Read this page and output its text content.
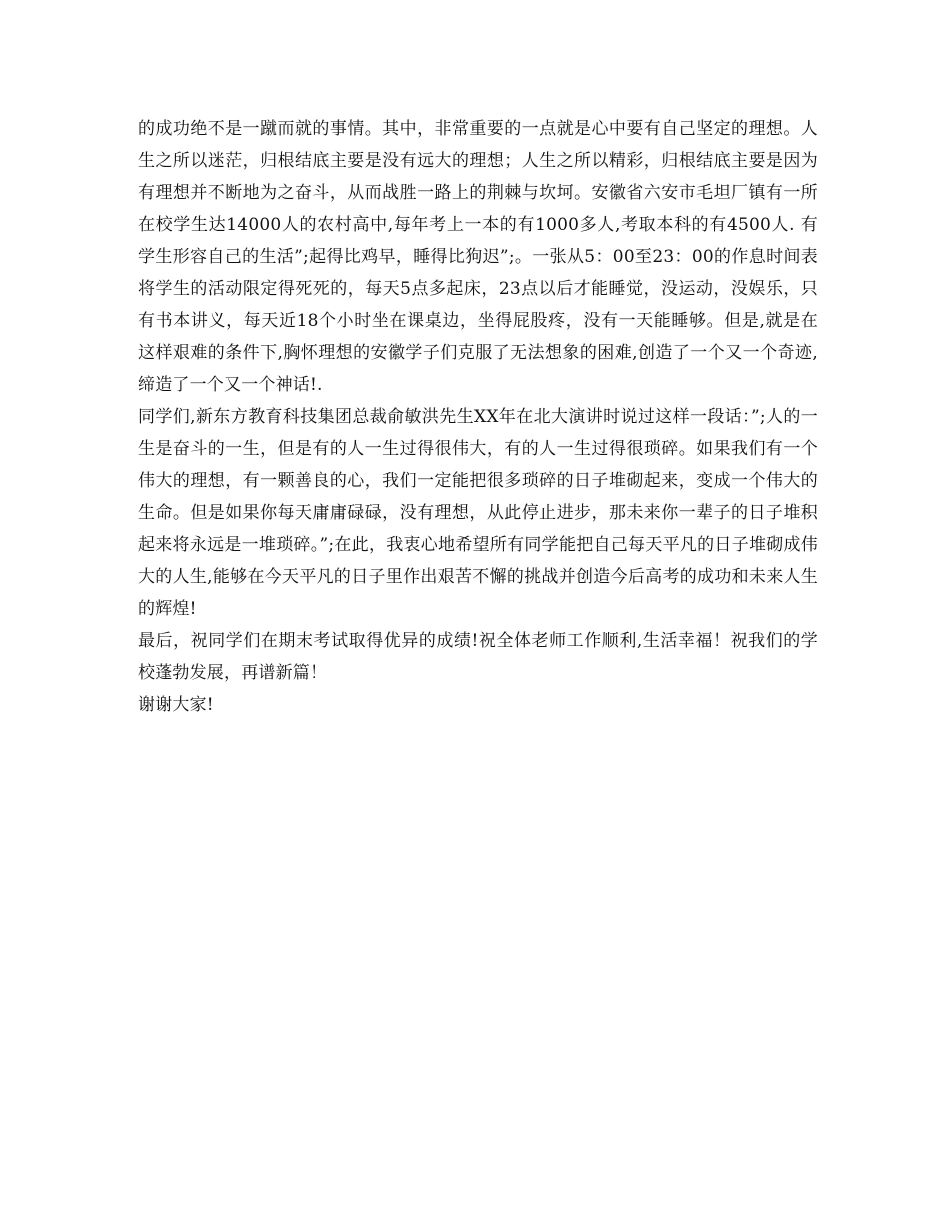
的成功绝不是一蹴而就的事情。其中，非常重要的一点就是心中要有自己坚定的理想。人生之所以迷茫，归根结底主要是没有远大的理想；人生之所以精彩，归根结底主要是因为有理想并不断地为之奋斗，从而战胜一路上的荆棘与坎坷。安徽省六安市毛坦厂镇有一所在校学生达14000人的农村高中,每年考上一本的有1000多人,考取本科的有4500人. 有学生形容自己的生活”;起得比鸡早，睡得比狗迟”;。一张从5：00至23：00的作息时间表将学生的活动限定得死死的，每天5点多起床，23点以后才能睡觉，没运动，没娱乐，只有书本讲义，每天近18个小时坐在课桌边，坐得屁股疼，没有一天能睡够。但是,就是在这样艰难的条件下,胸怀理想的安徽学子们克服了无法想象的困难,创造了一个又一个奇迹,缔造了一个又一个神话!.

同学们,新东方教育科技集团总裁俞敏洪先生XX年在北大演讲时说过这样一段话：”;人的一生是奋斗的一生，但是有的人一生过得很伟大，有的人一生过得很琐碎。如果我们有一个伟大的理想，有一颗善良的心，我们一定能把很多琐碎的日子堆砌起来，变成一个伟大的生命。但是如果你每天庸庸碌碌，没有理想，从此停止进步，那未来你一辈子的日子堆积起来将永远是一堆琐碎。”;在此，我衷心地希望所有同学能把自己每天平凡的日子堆砌成伟大的人生,能够在今天平凡的日子里作出艰苦不懈的挑战并创造今后高考的成功和未来人生的辉煌!

最后，祝同学们在期末考试取得优异的成绩!祝全体老师工作顺利,生活幸福！祝我们的学校蓬勃发展，再谱新篇！

谢谢大家!
